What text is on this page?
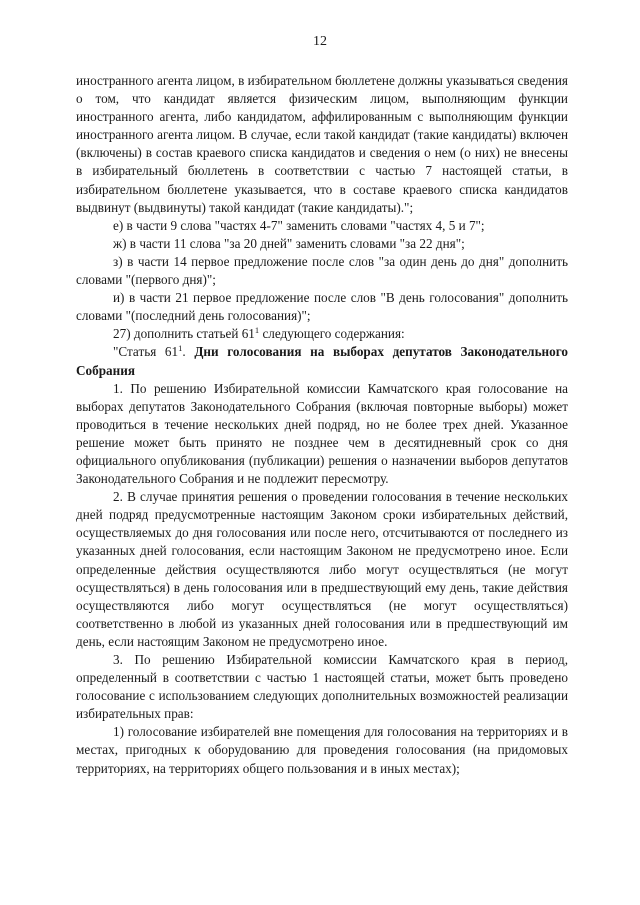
12

иностранного агента лицом, в избирательном бюллетене должны указываться сведения о том, что кандидат является физическим лицом, выполняющим функции иностранного агента, либо кандидатом, аффилированным с выполняющим функции иностранного агента лицом. В случае, если такой кандидат (такие кандидаты) включен (включены) в состав краевого списка кандидатов и сведения о нем (о них) не внесены в избирательный бюллетень в соответствии с частью 7 настоящей статьи, в избирательном бюллетене указывается, что в составе краевого списка кандидатов выдвинут (выдвинуты) такой кандидат (такие кандидаты).";

е) в части 9 слова "частях 4-7" заменить словами "частях 4, 5 и 7";

ж) в части 11 слова "за 20 дней" заменить словами "за 22 дня";

з) в части 14 первое предложение после слов "за один день до дня" дополнить словами "(первого дня)";

и) в части 21 первое предложение после слов "В день голосования" дополнить словами "(последний день голосования)";

27) дополнить статьей $61^1$ следующего содержания:

"Статья $61^1$. Дни голосования на выборах депутатов Законодательного Собрания

1. По решению Избирательной комиссии Камчатского края голосование на выборах депутатов Законодательного Собрания (включая повторные выборы) может проводиться в течение нескольких дней подряд, но не более трех дней. Указанное решение может быть принято не позднее чем в десятидневный срок со дня официального опубликования (публикации) решения о назначении выборов депутатов Законодательного Собрания и не подлежит пересмотру.

2. В случае принятия решения о проведении голосования в течение нескольких дней подряд предусмотренные настоящим Законом сроки избирательных действий, осуществляемых до дня голосования или после него, отсчитываются от последнего из указанных дней голосования, если настоящим Законом не предусмотрено иное. Если определенные действия осуществляются либо могут осуществляться (не могут осуществляться) в день голосования или в предшествующий ему день, такие действия осуществляются либо могут осуществляться (не могут осуществляться) соответственно в любой из указанных дней голосования или в предшествующий им день, если настоящим Законом не предусмотрено иное.

3. По решению Избирательной комиссии Камчатского края в период, определенный в соответствии с частью 1 настоящей статьи, может быть проведено голосование с использованием следующих дополнительных возможностей реализации избирательных прав:

1) голосование избирателей вне помещения для голосования на территориях и в местах, пригодных к оборудованию для проведения голосования (на придомовых территориях, на территориях общего пользования и в иных местах);
